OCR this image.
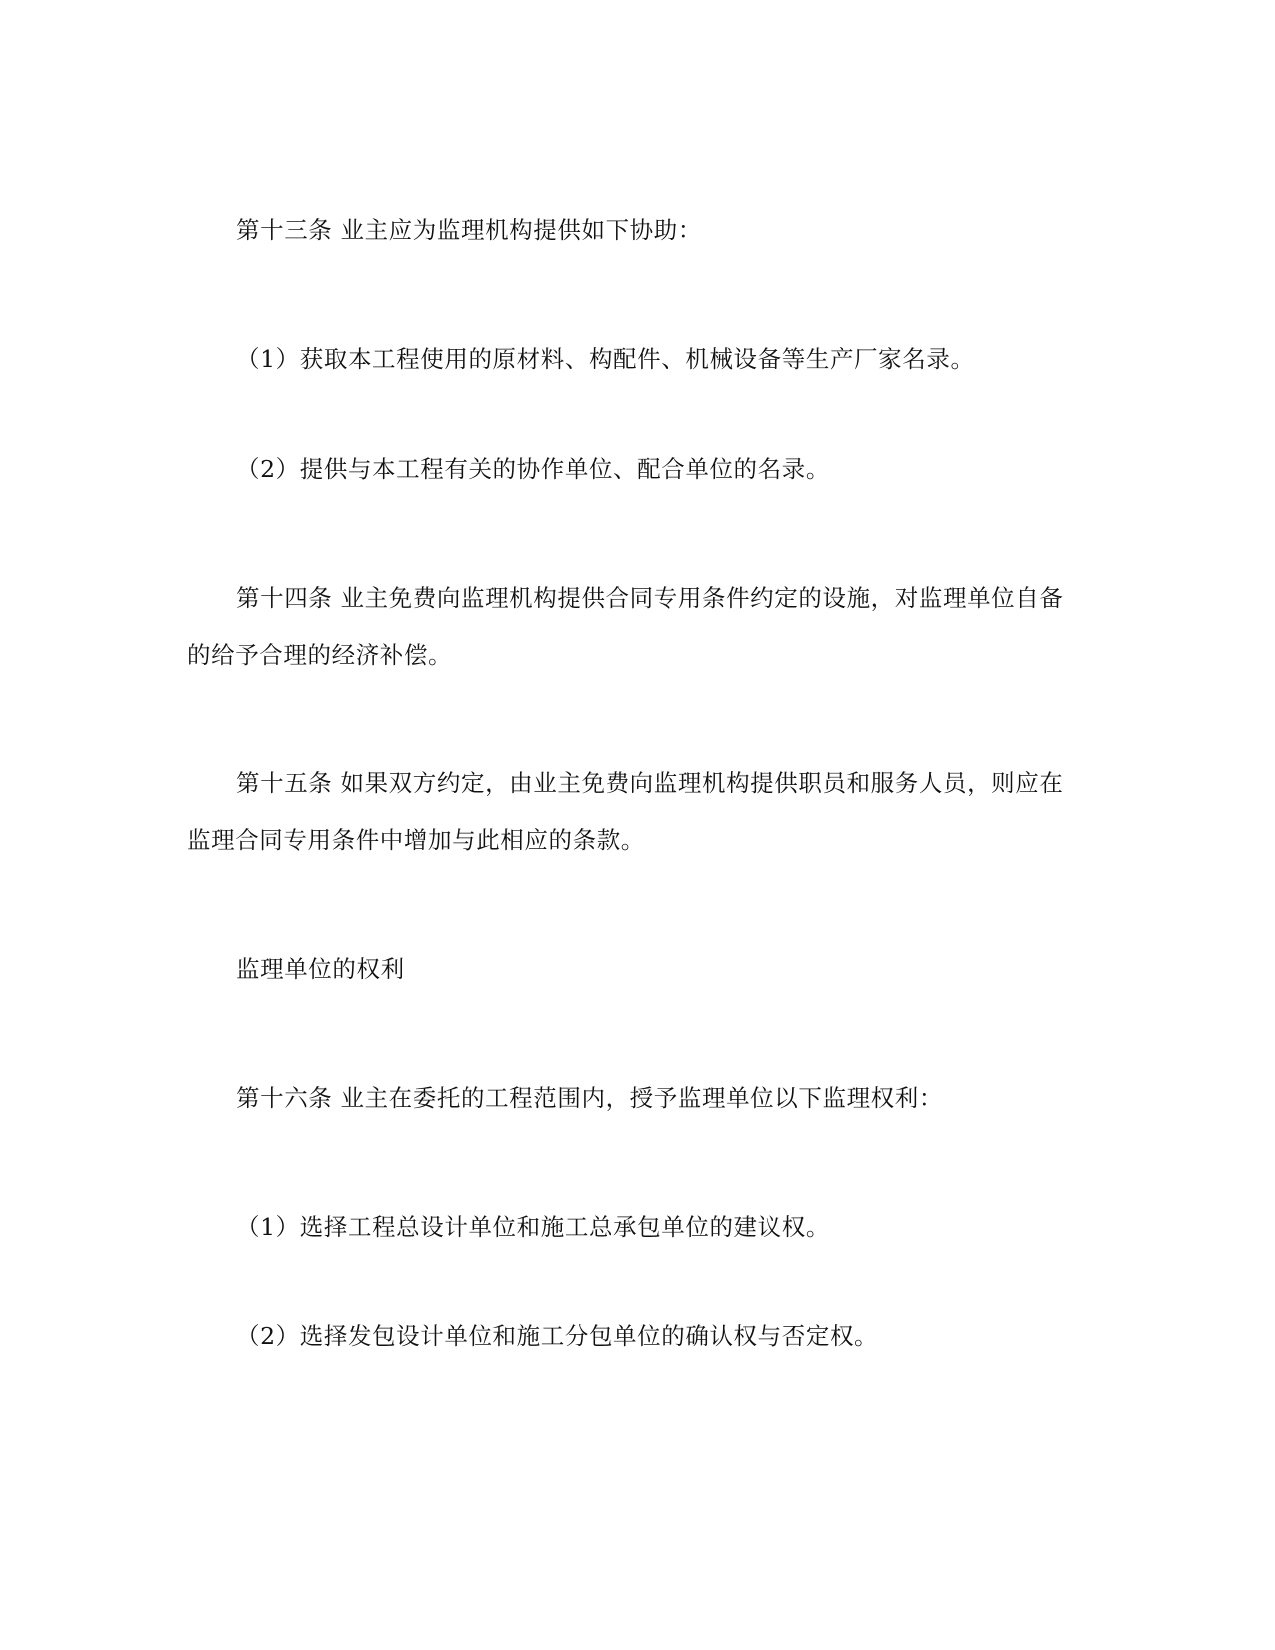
第十三条 业主应为监理机构提供如下协助：
（1）获取本工程使用的原材料、构配件、机械设备等生产厂家名录。
（2）提供与本工程有关的协作单位、配合单位的名录。
第十四条 业主免费向监理机构提供合同专用条件约定的设施，对监理单位自备
的给予合理的经济补偿。
第十五条 如果双方约定，由业主免费向监理机构提供职员和服务人员，则应在
监理合同专用条件中增加与此相应的条款。
监理单位的权利
第十六条 业主在委托的工程范围内，授予监理单位以下监理权利：
（1）选择工程总设计单位和施工总承包单位的建议权。
（2）选择发包设计单位和施工分包单位的确认权与否定权。
